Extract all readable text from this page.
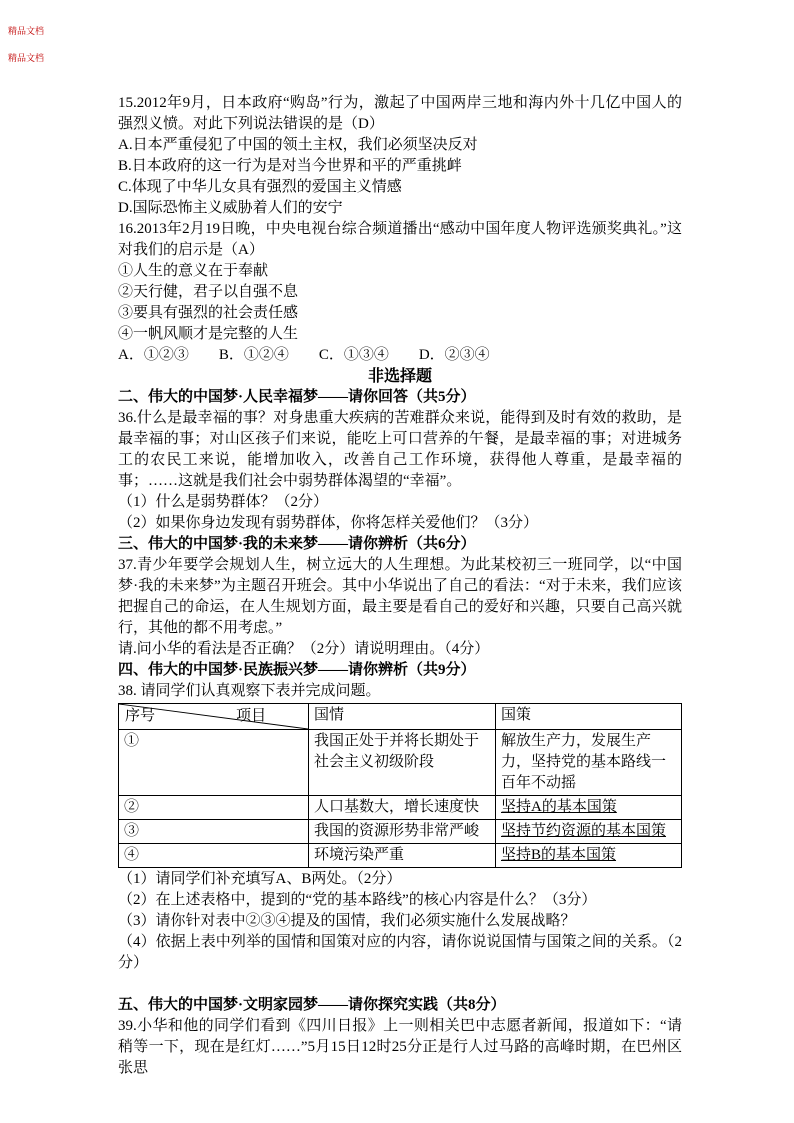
精品文档
精品文档

15.2012年9月，日本政府“购岛”行为，激起了中国两岸三地和海内外十几亿中国人的强烈义愤。对此下列说法错误的是（D）

A.日本严重侵犯了中国的领土主权，我们必须坚决反对

B.日本政府的这一行为是对当今世界和平的严重挑衅

C.体现了中华儿女具有强烈的爱国主义情感

D.国际恐怖主义威胁着人们的安宁

16.2013年2月19日晚，中央电视台综合频道播出“感动中国年度人物评选颁奖典礼。”这对我们的启示是（A）

①人生的意义在于奉献

②天行健，君子以自强不息

③要具有强烈的社会责任感

④一帆风顺才是完整的人生

A．①②③　　B．①②④　　C．①③④　　D．②③④

非选择题

二、伟大的中国梦·人民幸福梦——请你回答（共5分）

36.什么是最幸福的事？对身患重大疾病的苦难群众来说，能得到及时有效的救助，是最幸福的事；对山区孩子们来说，能吃上可口营养的午餐，是最幸福的事；对进城务工的农民工来说，能增加收入，改善自己工作环境，获得他人尊重，是最幸福的事；……这就是我们社会中弱势群体渴望的“幸福”。

（1）什么是弱势群体？（2分）

（2）如果你身边发现有弱势群体，你将怎样关爱他们？（3分）

三、伟大的中国梦·我的未来梦——请你辨析（共6分）

37.青少年要学会规划人生，树立远大的人生理想。为此某校初三一班同学，以“中国梦·我的未来梦”为主题召开班会。其中小华说出了自己的看法：“对于未来，我们应该把握自己的命运，在人生规划方面，最主要是看自己的爱好和兴趣，只要自己高兴就行，其他的都不用考虑。”

请.问小华的看法是否正确？（2分）请说明理由。（4分）

四、伟大的中国梦·民族振兴梦——请你辨析（共9分）

38. 请同学们认真观察下表并完成问题。

序号 项目	国情	国策
①	我国正处于并将长期处于社会主义初级阶段	解放生产力，发展生产力，坚持党的基本路线一百年不动摇
②	人口基数大，增长速度快	坚持A的基本国策
③	我国的资源形势非常严峻	坚持节约资源的基本国策
④	环境污染严重	坚持B的基本国策

（1）请同学们补充填写A、B两处。（2分）

（2）在上述表格中，提到的“党的基本路线”的核心内容是什么？（3分）

（3）请你针对表中②③④提及的国情，我们必须实施什么发展战略？

（4）依据上表中列举的国情和国策对应的内容，请你说说国情与国策之间的关系。（2分）

五、伟大的中国梦·文明家园梦——请你探究实践（共8分）

39.小华和他的同学们看到《四川日报》上一则相关巴中志愿者新闻，报道如下：“请稍等一下，现在是红灯……”5月15日12时25分正是行人过马路的高峰时期，在巴州区张思
